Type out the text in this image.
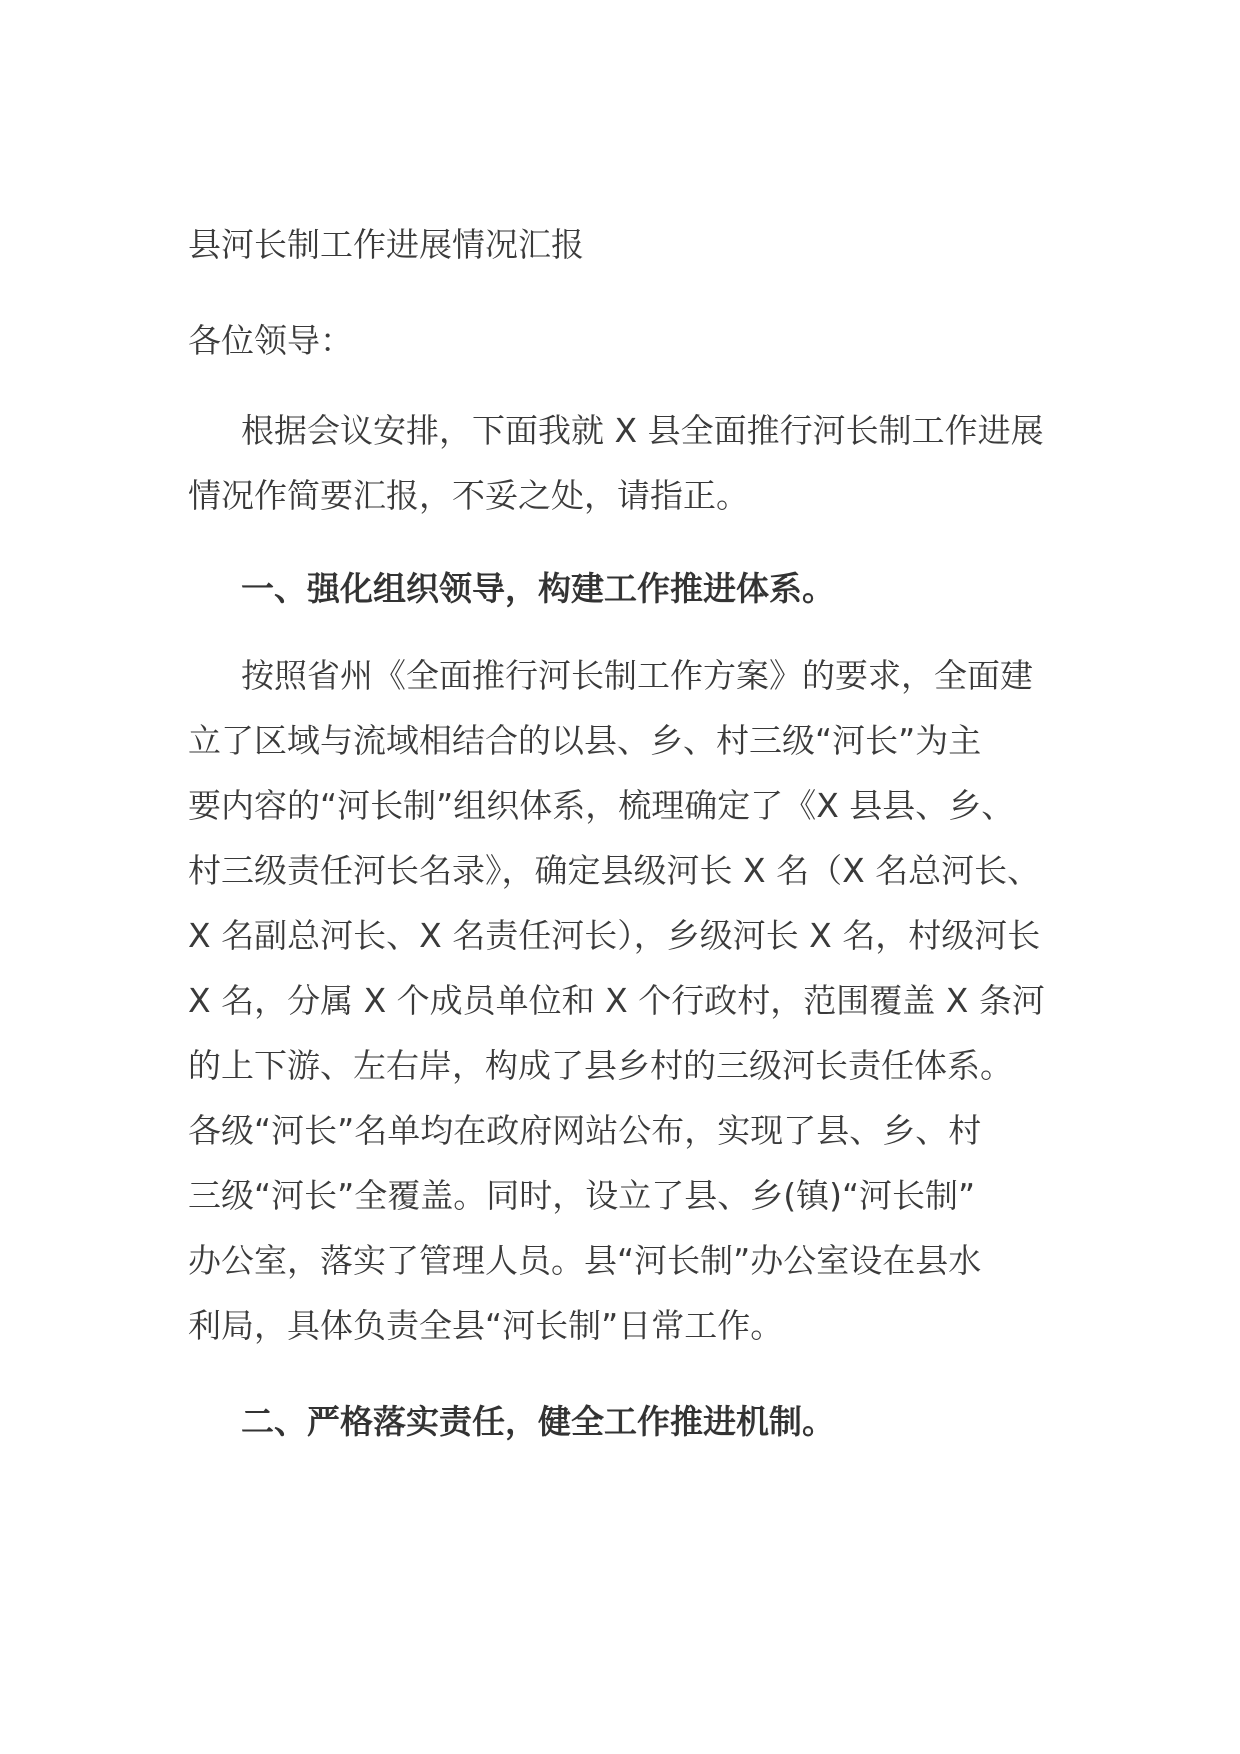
县河长制工作进展情况汇报
各位领导：
根据会议安排，下面我就 X 县全面推行河长制工作进展
情况作简要汇报，不妥之处，请指正。
一、强化组织领导，构建工作推进体系。
按照省州《全面推行河长制工作方案》的要求，全面建
立了区域与流域相结合的以县、乡、村三级“河长”为主
要内容的“河长制”组织体系，梳理确定了《X 县县、乡、
村三级责任河长名录》，确定县级河长 X 名（X 名总河长、
X 名副总河长、X 名责任河长），乡级河长 X 名，村级河长
X 名，分属 X 个成员单位和 X 个行政村，范围覆盖 X 条河
的上下游、左右岸，构成了县乡村的三级河长责任体系。
各级“河长”名单均在政府网站公布，实现了县、乡、村
三级“河长”全覆盖。同时，设立了县、乡(镇)“河长制”
办公室，落实了管理人员。县“河长制”办公室设在县水
利局，具体负责全县“河长制”日常工作。
二、严格落实责任，健全工作推进机制。
